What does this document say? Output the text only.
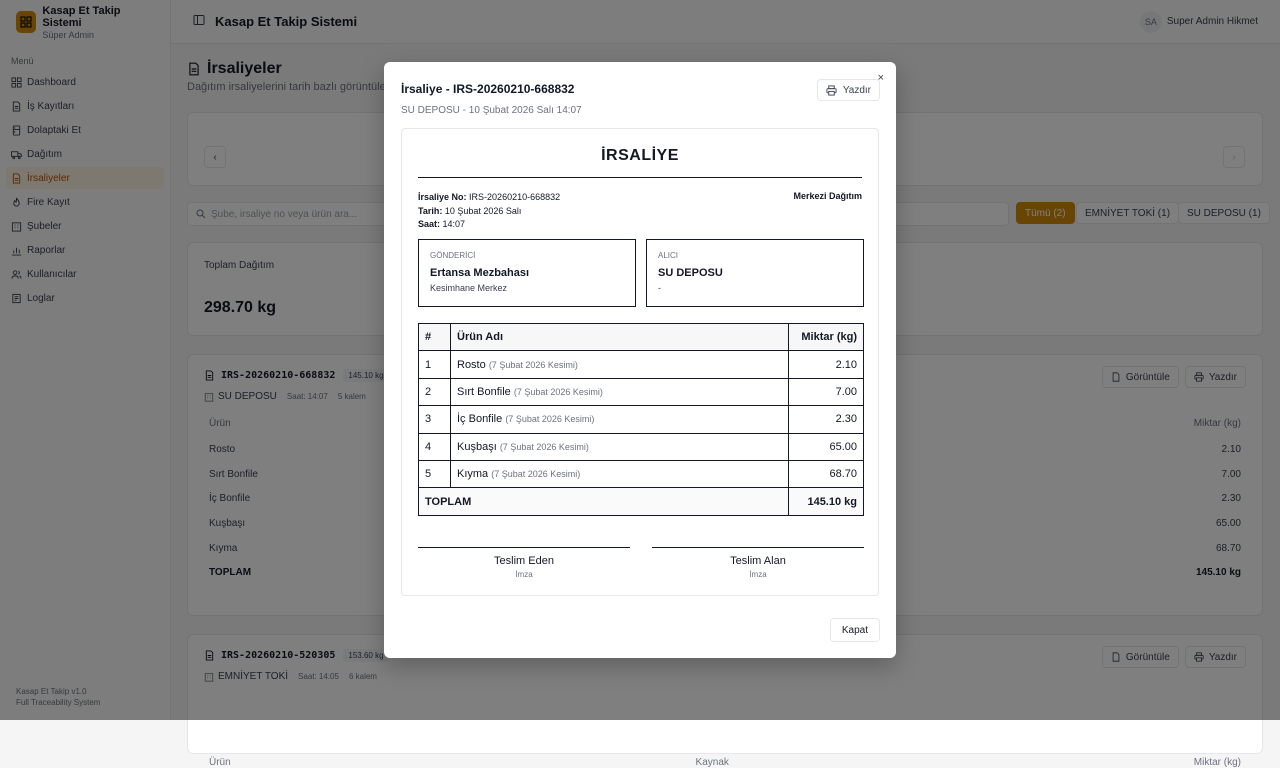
Ürün	Kaynak	Miktar (kg)
İrsaliye - IRS-20260210-668832
SU DEPOSU - 10 Şubat 2026 Salı 14:07
Yazdır
×
İRSALİYE
İrsaliye No: IRS-20260210-668832
Tarih: 10 Şubat 2026 Salı
Saat: 14:07
Merkezi Dağıtım
GÖNDERİCİ
Ertansa Mezbahası
Kesimhane Merkez
ALICI
SU DEPOSU
-
#	Ürün Adı	Miktar (kg)
1	Rosto (7 Şubat 2026 Kesimi)	2.10
2	Sırt Bonfile (7 Şubat 2026 Kesimi)	7.00
3	İç Bonfile (7 Şubat 2026 Kesimi)	2.30
4	Kuşbaşı (7 Şubat 2026 Kesimi)	65.00
5	Kıyma (7 Şubat 2026 Kesimi)	68.70
TOPLAM		145.10 kg
Teslim Eden
İmza
Teslim Alan
İmza
Kapat
